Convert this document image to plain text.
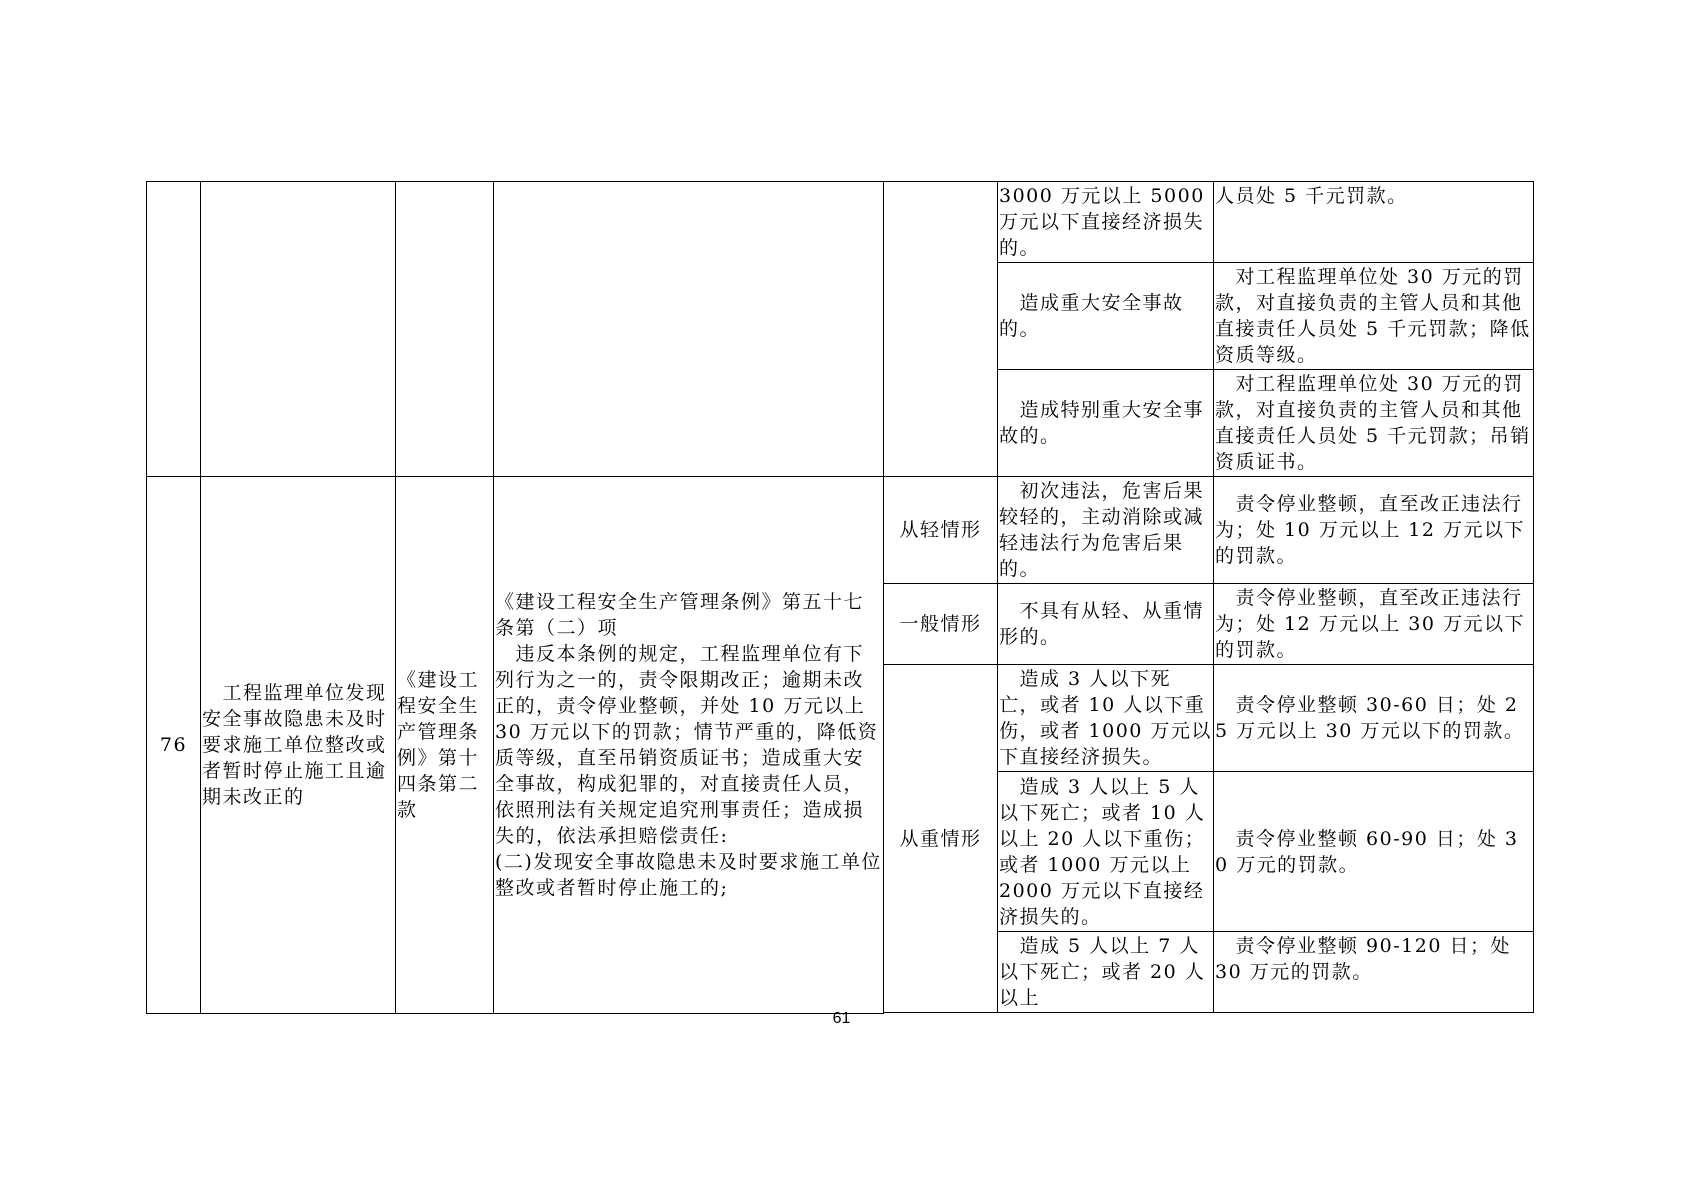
					3000 万元以上 5000 万元以下直接经济损失的。	人员处 5 千元罚款。
					　造成重大安全事故的。	　对工程监理单位处 30 万元的罚款，对直接负责的主管人员和其他直接责任人员处 5 千元罚款；降低资质等级。
					　造成特别重大安全事故的。	　对工程监理单位处 30 万元的罚款，对直接负责的主管人员和其他直接责任人员处 5 千元罚款；吊销资质证书。
76	　工程监理单位发现安全事故隐患未及时要求施工单位整改或者暂时停止施工且逾期未改正的	《建设工程安全生产管理条例》第十四条第二款	《建设工程安全生产管理条例》第五十七条第（二）项
　违反本条例的规定，工程监理单位有下列行为之一的，责令限期改正；逾期未改正的，责令停业整顿，并处 10 万元以上 30 万元以下的罚款；情节严重的，降低资质等级，直至吊销资质证书；造成重大安全事故，构成犯罪的，对直接责任人员，依照刑法有关规定追究刑事责任；造成损失的，依法承担赔偿责任:
(二)发现安全事故隐患未及时要求施工单位整改或者暂时停止施工的;	从轻情形	　初次违法，危害后果较轻的，主动消除或减轻违法行为危害后果的。	　责令停业整顿，直至改正违法行为；处 10 万元以上 12 万元以下的罚款。
				一般情形	　不具有从轻、从重情形的。	　责令停业整顿，直至改正违法行为；处 12 万元以上 30 万元以下的罚款。
				从重情形	　造成 3 人以下死亡，或者 10 人以下重伤，或者 1000 万元以下直接经济损失。	　责令停业整顿 30-60 日；处 25 万元以上 30 万元以下的罚款。
					　造成 3 人以上 5 人以下死亡；或者 10 人以上 20 人以下重伤；或者 1000 万元以上 2000 万元以下直接经济损失的。	　责令停业整顿 60-90 日；处 30 万元的罚款。
					　造成 5 人以上 7 人以下死亡；或者 20 人以上	　责令停业整顿 90-120 日；处 30 万元的罚款。

61
